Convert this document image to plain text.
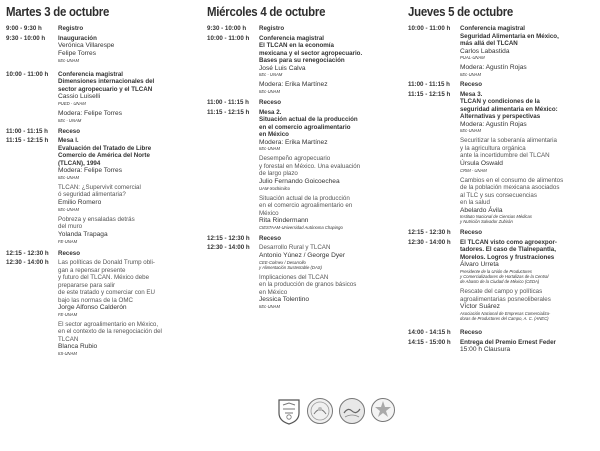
Martes 3 de octubre
9:00 - 9:30 h	Registro
9:30 - 10:00 h	Inauguración
Verónica Villarespe
Felipe Torres
IIEc-UNAM
10:00 - 11:00 h	Conferencia magistral
Dimensiones internacionales del
sector agropecuario y el TLCAN
Cassio Luiselli
PUED - UNAM
Modera: Felipe Torres
IIEc - UNAM
11:00 - 11:15 h	Receso
11:15 - 12:15 h	Mesa I.
Evaluación del Tratado de Libre
Comercio de América del Norte
(TLCAN), 1994
Modera: Felipe Torres
IIEc-UNAM
TLCAN: ¿Supervivit comercial
ó seguridad alimentaria?
Emilio Romero
IIEc-UNAM
Pobreza y ensaladas detrás
del muro
Yolanda Trapaga
FE-UNAM
12:15 - 12:30 h	Receso
12:30 - 14:00 h	Las políticas de Donald Trump obli-
gan a repensar presente
y futuro del TLCAN. México debe
prepararse para salir
de este tratado y comerciar con EU
bajo las normas de la OMC
Jorge Alfonso Calderón
FE-UNAM
El sector agroalimentario en México,
en el contexto de la renegociación del
TLCAN
Blanca Rubio
IIS-UNAM
Miércoles 4 de octubre
9:30 - 10:00 h	Registro
10:00 - 11:00 h	Conferencia magistral
El TLCAN en la economía
mexicana y el sector agropecuario.
Bases para su renegociación
José Luis Calva
IIEc - UNAM
Modera: Erika Martínez
IIEc-UNAM
11:00 - 11:15 h	Receso
11:15 - 12:15 h	Mesa 2.
Situación actual de la producción
en el comercio agroalimentario
en México
Modera: Erika Martínez
IIEc-UNAM
Desempeño agropecuario
y forestal en México. Una evaluación
de largo plazo
Julio Fernando Goicoechea
UAM-Xochimilco
Situación actual de la producción
en el comercio agroalimentario en
México
Rita Rindermann
CIESTAAM-Universidad Autónoma Chapingo
12:15 - 12:30 h	Receso
12:30 - 14:00 h	Desarrollo Rural y TLCAN
Antonio Yúnez / George Dyer
CEE-Colmex / Desarrollo
y Alimentación Sustentable (DAS)
Implicaciones del TLCAN
en la producción de granos básicos
en México
Jessica Tolentino
IIEc-UNAM
Jueves 5 de octubre
10:00 - 11:00 h	Conferencia magistral
Seguridad Alimentaria en México,
más allá del TLCAN
Carlos Labastida
PUAL-UNAM
Modera: Agustín Rojas
IIEc-UNAM
11:00 - 11:15 h	Receso
11:15 - 12:15 h	Mesa 3.
TLCAN y condiciones de la
seguridad alimentaria en México:
Alternativas y perspectivas
Modera: Agustín Rojas
IIEc-UNAM
Securitizar la soberanía alimentaria
y la agricultura orgánica
ante la incertidumbre del TLCAN
Úrsula Oswald
CRIM - UNAM
Cambios en el consumo de alimentos
de la población mexicana asociados
al TLC y sus consecuencias
en la salud
Abelardo Ávila
Instituto Nacional de Ciencias Médicas
y Nutrición Salvador Zubirán
12:15 - 12:30 h	Receso
12:30 - 14:00 h	El TLCAN visto como agroexpor-
tadores. El caso de Tlalnepantla,
Morelos. Logros y frustraciones
Álvaro Urreta
Presidente de la Unión de Productores
y Comercializadores de Hortalizas de la Central
de Abasto de la Ciudad de México (CEDA)
Rescate del campo y políticas
agroalimentarias posneoliberales
Víctor Suárez
Asociación Nacional de Empresas Comercializa-
doras de Productores del Campo, A. C. (ANEC)
14:00 - 14:15 h	Receso
14:15 - 15:00 h	Entrega del Premio Ernest Feder
15:00 h Clausura
